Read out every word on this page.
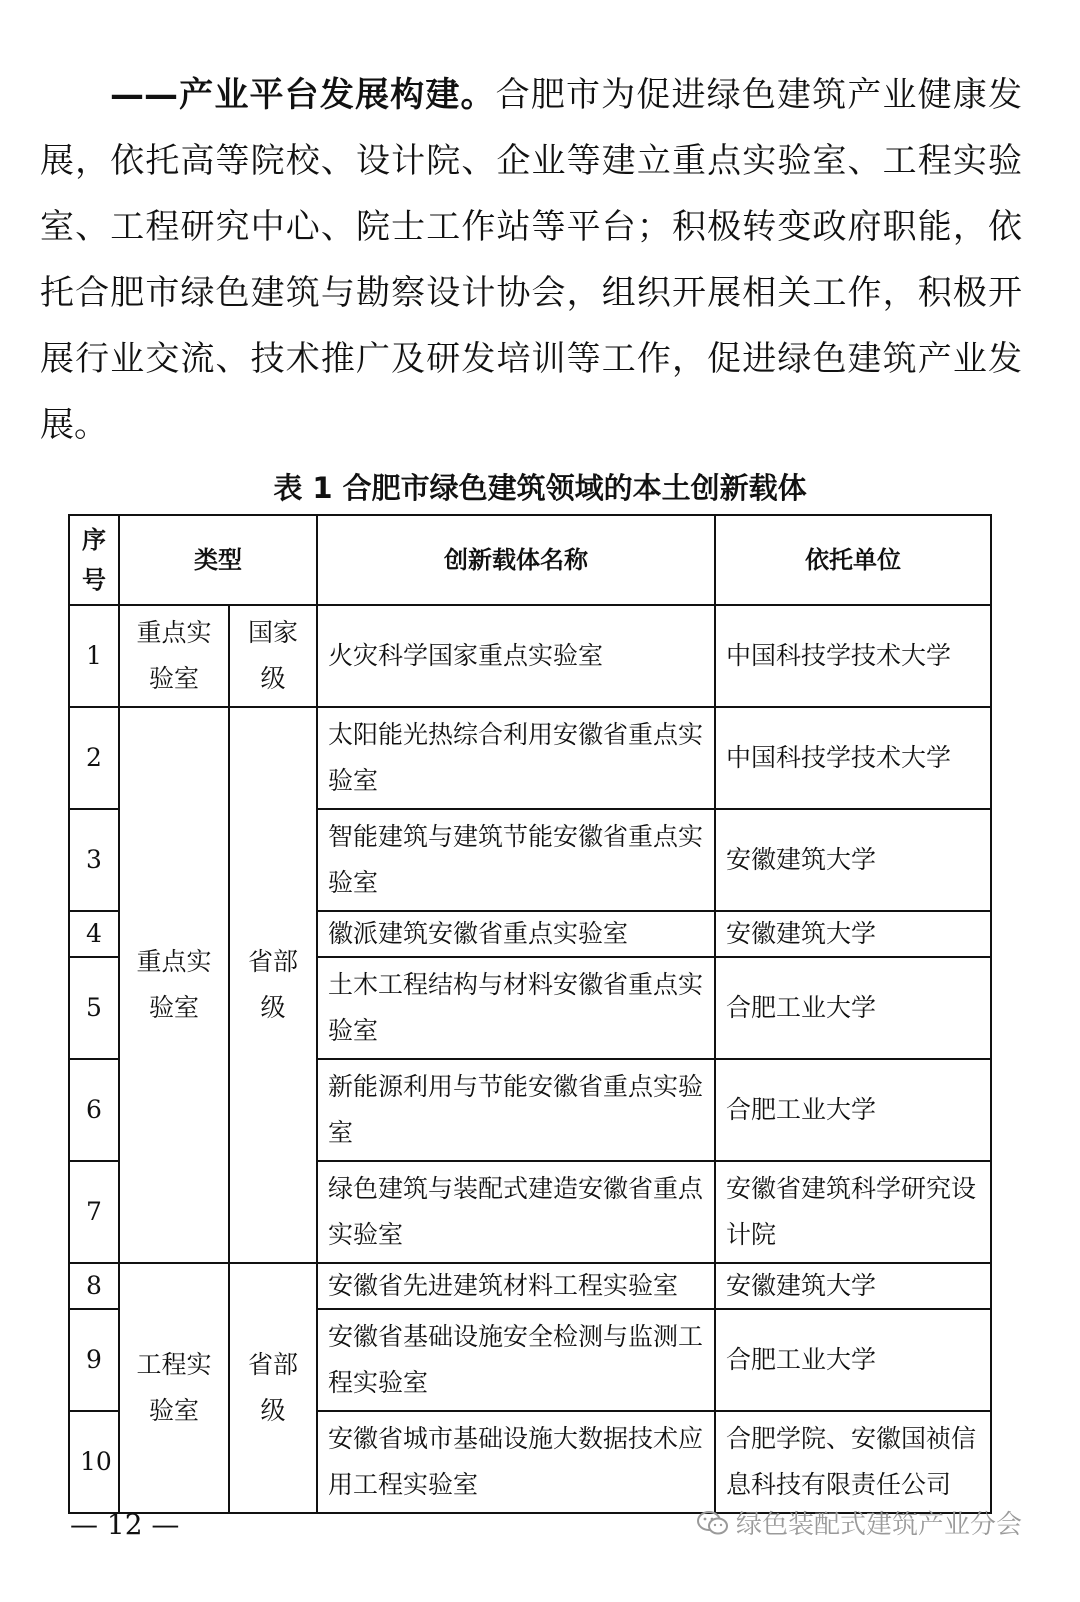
——产业平台发展构建。合肥市为促进绿色建筑产业健康发展，依托高等院校、设计院、企业等建立重点实验室、工程实验室、工程研究中心、院士工作站等平台；积极转变政府职能，依托合肥市绿色建筑与勘察设计协会，组织开展相关工作，积极开展行业交流、技术推广及研发培训等工作，促进绿色建筑产业发展。

表 1 合肥市绿色建筑领域的本土创新载体

序号	类型		创新载体名称	依托单位
1	重点实验室	国家级	火灾科学国家重点实验室	中国科技学技术大学
2	重点实验室	省部级	太阳能光热综合利用安徽省重点实验室	中国科技学技术大学
3			智能建筑与建筑节能安徽省重点实验室	安徽建筑大学
4			徽派建筑安徽省重点实验室	安徽建筑大学
5			土木工程结构与材料安徽省重点实验室	合肥工业大学
6			新能源利用与节能安徽省重点实验室	合肥工业大学
7			绿色建筑与装配式建造安徽省重点实验室	安徽省建筑科学研究设计院
8	工程实验室	省部级	安徽省先进建筑材料工程实验室	安徽建筑大学
9			安徽省基础设施安全检测与监测工程实验室	合肥工业大学
10			安徽省城市基础设施大数据技术应用工程实验室	合肥学院、安徽国祯信息科技有限责任公司

— 12 —	绿色装配式建筑产业分会
